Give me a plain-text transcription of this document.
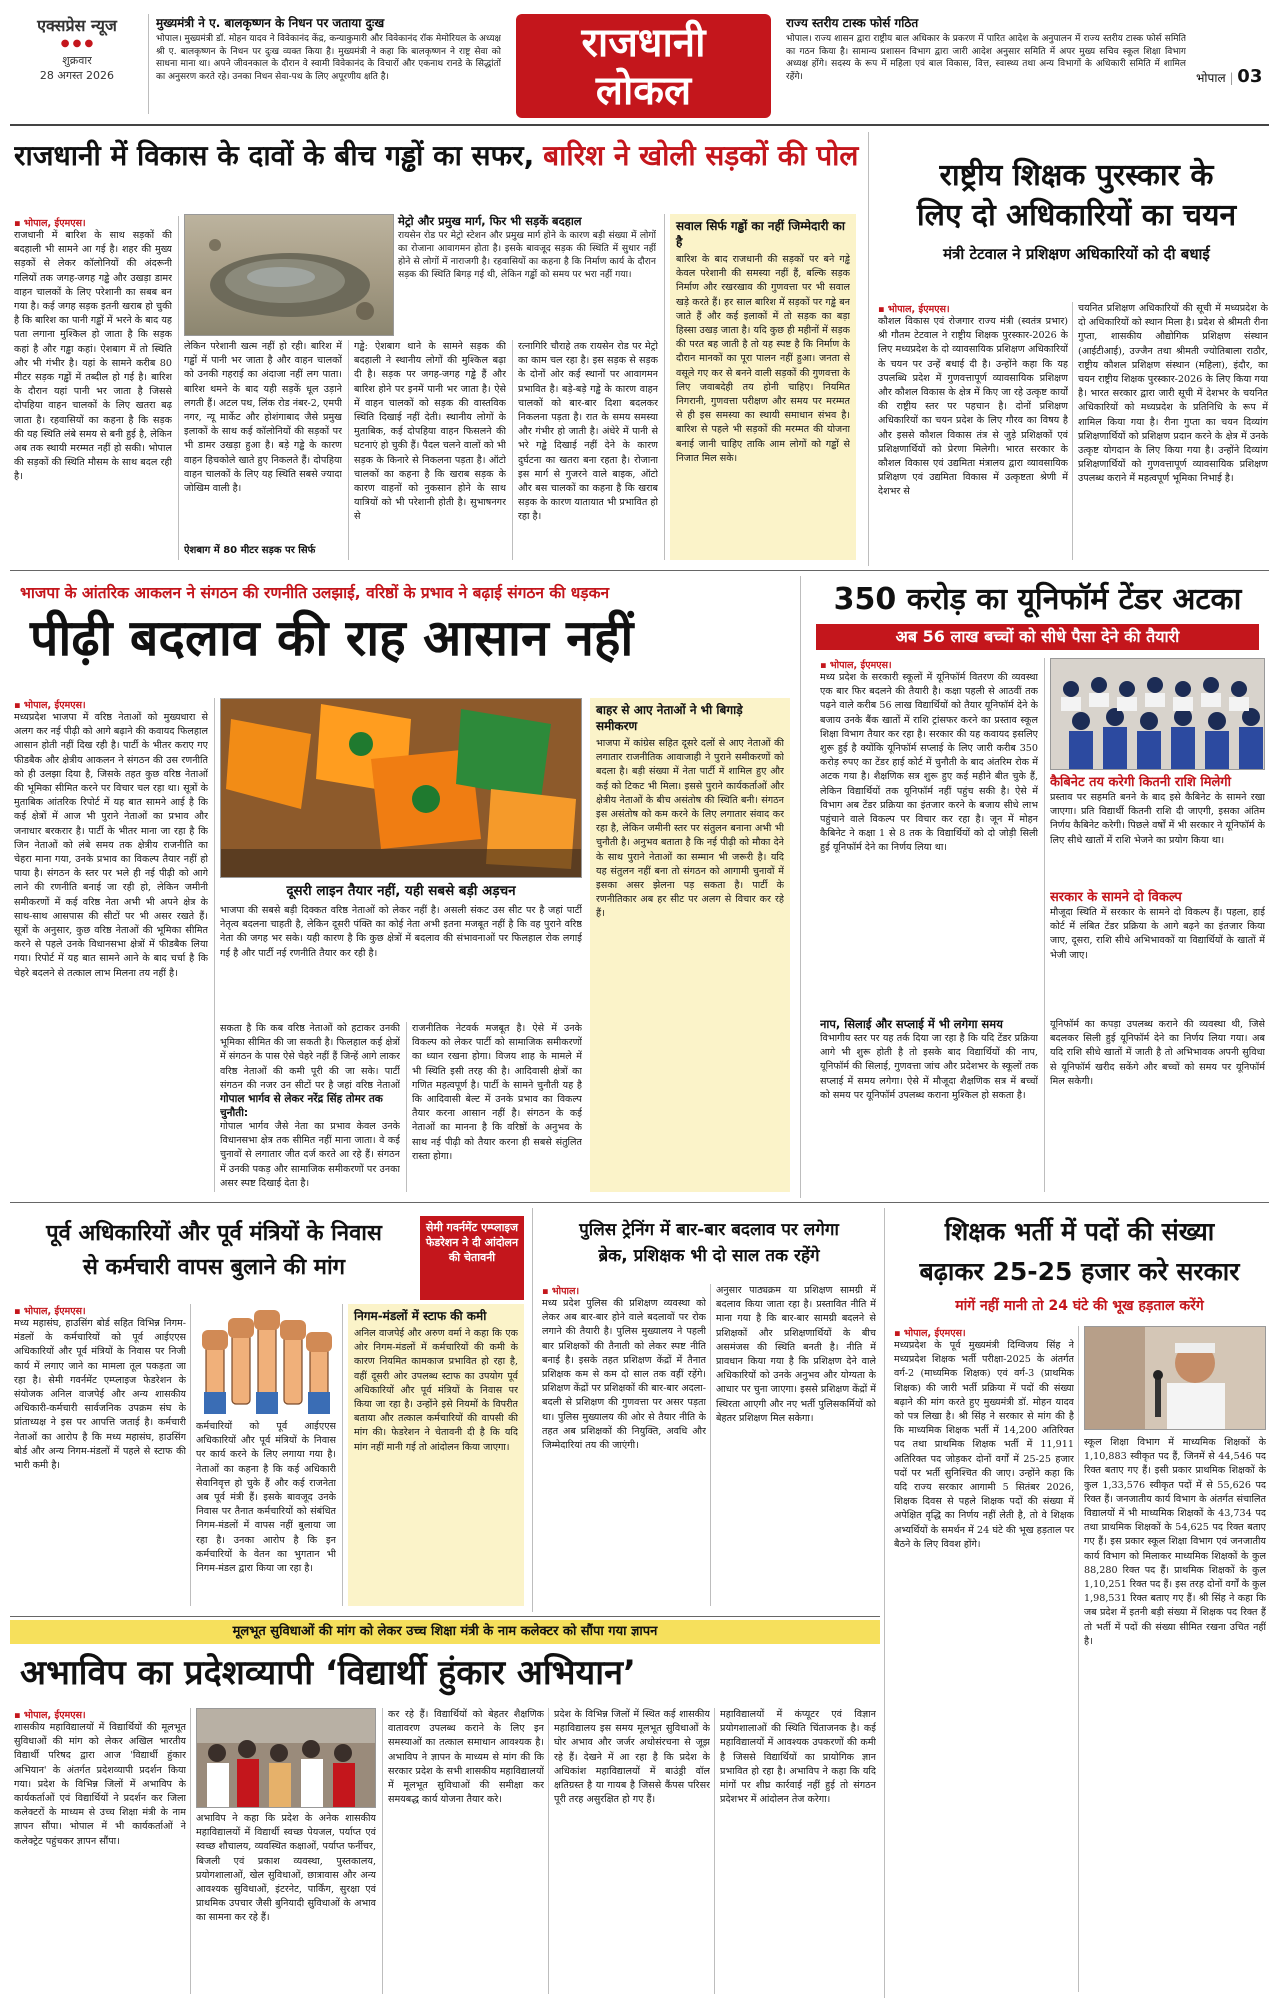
एक्सप्रेस न्यूज
● ● ●
शुक्रवार
28 अगस्त 2026
मुख्यमंत्री ने ए. बालकृष्णन के निधन पर जताया दुःख
भोपाल। मुख्यमंत्री डॉ. मोहन यादव ने विवेकानंद केंद्र, कन्याकुमारी और विवेकानंद रॉक मेमोरियल के अध्यक्ष श्री ए. बालकृष्णन के निधन पर दुःख व्यक्त किया है। मुख्यमंत्री ने कहा कि बालकृष्णन ने राष्ट्र सेवा को साधना माना था। अपने जीवनकाल के दौरान वे स्वामी विवेकानंद के विचारों और एकनाथ रानडे के सिद्धांतों का अनुसरण करते रहे। उनका निधन सेवा-पथ के लिए अपूरणीय क्षति है।
राजधानी
लोकल
राज्य स्तरीय टास्क फोर्स गठित
भोपाल। राज्य शासन द्वारा राष्ट्रीय बाल अधिकार के प्रकरण में पारित आदेश के अनुपालन में राज्य स्तरीय टास्क फोर्स समिति का गठन किया है। सामान्य प्रशासन विभाग द्वारा जारी आदेश अनुसार समिति में अपर मुख्य सचिव स्कूल शिक्षा विभाग अध्यक्ष होंगे। सदस्य के रूप में महिला एवं बाल विकास, वित्त, स्वास्थ्य तथा अन्य विभागों के अधिकारी समिति में शामिल रहेंगे।	भोपाल | 03
राजधानी में विकास के दावों के बीच गड्ढों का सफर, बारिश ने खोली सड़कों की पोल
▪ भोपाल, ईएमएस।
राजधानी में बारिश के साथ सड़कों की बदहाली भी सामने आ गई है। शहर की मुख्य सड़कों से लेकर कॉलोनियों की अंदरूनी गलियों तक जगह-जगह गड्ढे और उखड़ा डामर वाहन चालकों के लिए परेशानी का सबब बन गया है। कई जगह सड़क इतनी खराब हो चुकी है कि बारिश का पानी गड्ढों में भरने के बाद यह पता लगाना मुश्किल हो जाता है कि सड़क कहां है और गड्ढा कहां। ऐशबाग में तो स्थिति और भी गंभीर है। यहां के सामने करीब 80 मीटर सड़क गड्ढों में तब्दील हो गई है। बारिश के दौरान यहां पानी भर जाता है जिससे दोपहिया वाहन चालकों के लिए खतरा बढ़ जाता है। रहवासियों का कहना है कि सड़क की यह स्थिति लंबे समय से बनी हुई है, लेकिन अब तक स्थायी मरम्मत नहीं हो सकी। भोपाल की सड़कों की स्थिति मौसम के साथ बदल रही है।
लेकिन परेशानी खत्म नहीं हो रही। बारिश में गड्ढों में पानी भर जाता है और वाहन चालकों को उनकी गहराई का अंदाजा नहीं लग पाता। बारिश थमने के बाद यही सड़कें धूल उड़ाने लगती हैं। अटल पथ, लिंक रोड नंबर-2, एमपी नगर, न्यू मार्केट और होशंगाबाद जैसे प्रमुख इलाकों के साथ कई कॉलोनियों की सड़कों पर भी डामर उखड़ा हुआ है। बड़े गड्ढे के कारण वाहन हिचकोले खाते हुए निकलते हैं। दोपहिया वाहन चालकों के लिए यह स्थिति सबसे ज्यादा जोखिम वाली है।
ऐशबाग में 80 मीटर सड़क पर सिर्फ
मेट्रो और प्रमुख मार्ग, फिर भी सड़कें बदहाल
रायसेन रोड पर मेट्रो स्टेशन और प्रमुख मार्ग होने के कारण बड़ी संख्या में लोगों का रोजाना आवागमन होता है। इसके बावजूद सड़क की स्थिति में सुधार नहीं होने से लोगों में नाराजगी है। रहवासियों का कहना है कि निर्माण कार्य के दौरान सड़क की स्थिति बिगड़ गई थी, लेकिन गड्ढों को समय पर भरा नहीं गया।
गड्ढे: ऐशबाग थाने के सामने सड़क की बदहाली ने स्थानीय लोगों की मुश्किल बढ़ा दी है। सड़क पर जगह-जगह गड्ढे हैं और बारिश होने पर इनमें पानी भर जाता है। ऐसे में वाहन चालकों को सड़क की वास्तविक स्थिति दिखाई नहीं देती। स्थानीय लोगों के मुताबिक, कई दोपहिया वाहन फिसलने की घटनाएं हो चुकी हैं। पैदल चलने वालों को भी सड़क के किनारे से निकलना पड़ता है। ऑटो चालकों का कहना है कि खराब सड़क के कारण वाहनों को नुकसान होने के साथ यात्रियों को भी परेशानी होती है। सुभाषनगर से
रत्नागिरि चौराहे तक रायसेन रोड पर मेट्रो का काम चल रहा है। इस सड़क से सड़क के दोनों ओर कई स्थानों पर आवागमन प्रभावित है। बड़े-बड़े गड्ढे के कारण वाहन चालकों को बार-बार दिशा बदलकर निकलना पड़ता है। रात के समय समस्या और गंभीर हो जाती है। अंधेरे में पानी से भरे गड्ढे दिखाई नहीं देने के कारण दुर्घटना का खतरा बना रहता है। रोजाना इस मार्ग से गुजरने वाले बाइक, ऑटो और बस चालकों का कहना है कि खराब सड़क के कारण यातायात भी प्रभावित हो रहा है।
सवाल सिर्फ गड्ढों का नहीं जिम्मेदारी का है
बारिश के बाद राजधानी की सड़कों पर बने गड्ढे केवल परेशानी की समस्या नहीं हैं, बल्कि सड़क निर्माण और रखरखाव की गुणवत्ता पर भी सवाल खड़े करते हैं। हर साल बारिश में सड़कों पर गड्ढे बन जाते हैं और कई इलाकों में तो सड़क का बड़ा हिस्सा उखड़ जाता है। यदि कुछ ही महीनों में सड़क की परत बह जाती है तो यह स्पष्ट है कि निर्माण के दौरान मानकों का पूरा पालन नहीं हुआ। जनता से वसूले गए कर से बनने वाली सड़कों की गुणवत्ता के लिए जवाबदेही तय होनी चाहिए। नियमित निगरानी, गुणवत्ता परीक्षण और समय पर मरम्मत से ही इस समस्या का स्थायी समाधान संभव है। बारिश से पहले भी सड़कों की मरम्मत की योजना बनाई जानी चाहिए ताकि आम लोगों को गड्ढों से निजात मिल सके।
राष्ट्रीय शिक्षक पुरस्कार के
लिए दो अधिकारियों का चयन
मंत्री टेटवाल ने प्रशिक्षण अधिकारियों को दी बधाई
▪ भोपाल, ईएमएस।
कौशल विकास एवं रोजगार राज्य मंत्री (स्वतंत्र प्रभार) श्री गौतम टेटवाल ने राष्ट्रीय शिक्षक पुरस्कार-2026 के लिए मध्यप्रदेश के दो व्यावसायिक प्रशिक्षण अधिकारियों के चयन पर उन्हें बधाई दी है। उन्होंने कहा कि यह उपलब्धि प्रदेश में गुणवत्तापूर्ण व्यावसायिक प्रशिक्षण और कौशल विकास के क्षेत्र में किए जा रहे उत्कृष्ट कार्यों की राष्ट्रीय स्तर पर पहचान है। दोनों प्रशिक्षण अधिकारियों का चयन प्रदेश के लिए गौरव का विषय है और इससे कौशल विकास तंत्र से जुड़े प्रशिक्षकों एवं प्रशिक्षणार्थियों को प्रेरणा मिलेगी। भारत सरकार के कौशल विकास एवं उद्यमिता मंत्रालय द्वारा व्यावसायिक प्रशिक्षण एवं उद्यमिता विकास में उत्कृष्टता श्रेणी में देशभर से
चयनित प्रशिक्षण अधिकारियों की सूची में मध्यप्रदेश के दो अधिकारियों को स्थान मिला है। प्रदेश से श्रीमती रीना गुप्ता, शासकीय औद्योगिक प्रशिक्षण संस्थान (आईटीआई), उज्जैन तथा श्रीमती ज्योतिबाला राठौर, राष्ट्रीय कौशल प्रशिक्षण संस्थान (महिला), इंदौर, का चयन राष्ट्रीय शिक्षक पुरस्कार-2026 के लिए किया गया है। भारत सरकार द्वारा जारी सूची में देशभर के चयनित अधिकारियों को मध्यप्रदेश के प्रतिनिधि के रूप में शामिल किया गया है। रीना गुप्ता का चयन दिव्यांग प्रशिक्षणार्थियों को प्रशिक्षण प्रदान करने के क्षेत्र में उनके उत्कृष्ट योगदान के लिए किया गया है। उन्होंने दिव्यांग प्रशिक्षणार्थियों को गुणवत्तापूर्ण व्यावसायिक प्रशिक्षण उपलब्ध कराने में महत्वपूर्ण भूमिका निभाई है।
भाजपा के आंतरिक आकलन ने संगठन की रणनीति उलझाई, वरिष्ठों के प्रभाव ने बढ़ाई संगठन की धड़कन
पीढ़ी बदलाव की राह आसान नहीं
▪ भोपाल, ईएमएस।
मध्यप्रदेश भाजपा में वरिष्ठ नेताओं को मुख्यधारा से अलग कर नई पीढ़ी को आगे बढ़ाने की कवायद फिलहाल आसान होती नहीं दिख रही है। पार्टी के भीतर कराए गए फीडबैक और क्षेत्रीय आकलन ने संगठन की उस रणनीति को ही उलझा दिया है, जिसके तहत कुछ वरिष्ठ नेताओं की भूमिका सीमित करने पर विचार चल रहा था। सूत्रों के मुताबिक आंतरिक रिपोर्ट में यह बात सामने आई है कि कई क्षेत्रों में आज भी पुराने नेताओं का प्रभाव और जनाधार बरकरार है। पार्टी के भीतर माना जा रहा है कि जिन नेताओं को लंबे समय तक क्षेत्रीय राजनीति का चेहरा माना गया, उनके प्रभाव का विकल्प तैयार नहीं हो पाया है। संगठन के स्तर पर भले ही नई पीढ़ी को आगे लाने की रणनीति बनाई जा रही हो, लेकिन जमीनी समीकरणों में कई वरिष्ठ नेता अभी भी अपने क्षेत्र के साथ-साथ आसपास की सीटों पर भी असर रखते हैं। सूत्रों के अनुसार, कुछ वरिष्ठ नेताओं की भूमिका सीमित करने से पहले उनके विधानसभा क्षेत्रों में फीडबैक लिया गया। रिपोर्ट में यह बात सामने आने के बाद चर्चा है कि चेहरे बदलने से तत्काल लाभ मिलना तय नहीं है।
दूसरी लाइन तैयार नहीं, यही सबसे बड़ी अड़चन
भाजपा की सबसे बड़ी दिक्कत वरिष्ठ नेताओं को लेकर नहीं है। असली संकट उस सीट पर है जहां पार्टी नेतृत्व बदलना चाहती है, लेकिन दूसरी पंक्ति का कोई नेता अभी इतना मजबूत नहीं है कि वह पुराने वरिष्ठ नेता की जगह भर सके। यही कारण है कि कुछ क्षेत्रों में बदलाव की संभावनाओं पर फिलहाल रोक लगाई गई है और पार्टी नई रणनीति तैयार कर रही है।
सकता है कि कब वरिष्ठ नेताओं को हटाकर उनकी भूमिका सीमित की जा सकती है। फिलहाल कई क्षेत्रों में संगठन के पास ऐसे चेहरे नहीं हैं जिन्हें आगे लाकर वरिष्ठ नेताओं की कमी पूरी की जा सके। पार्टी संगठन की नजर उन सीटों पर है जहां वरिष्ठ नेताओं
गोपाल भार्गव से लेकर नरेंद्र सिंह तोमर तक चुनौती:
गोपाल भार्गव जैसे नेता का प्रभाव केवल उनके विधानसभा क्षेत्र तक सीमित नहीं माना जाता। वे कई चुनावों से लगातार जीत दर्ज करते आ रहे हैं। संगठन में उनकी पकड़ और सामाजिक समीकरणों पर उनका असर स्पष्ट दिखाई देता है।
राजनीतिक नेटवर्क मजबूत है। ऐसे में उनके विकल्प को लेकर पार्टी को सामाजिक समीकरणों का ध्यान रखना होगा। विजय शाह के मामले में भी स्थिति इसी तरह की है। आदिवासी क्षेत्रों का गणित महत्वपूर्ण है। पार्टी के सामने चुनौती यह है कि आदिवासी बेल्ट में उनके प्रभाव का विकल्प तैयार करना आसान नहीं है। संगठन के कई नेताओं का मानना है कि वरिष्ठों के अनुभव के साथ नई पीढ़ी को तैयार करना ही सबसे संतुलित रास्ता होगा।
बाहर से आए नेताओं ने भी बिगाड़े समीकरण
भाजपा में कांग्रेस सहित दूसरे दलों से आए नेताओं की लगातार राजनीतिक आवाजाही ने पुराने समीकरणों को बदला है। बड़ी संख्या में नेता पार्टी में शामिल हुए और कई को टिकट भी मिला। इससे पुराने कार्यकर्ताओं और क्षेत्रीय नेताओं के बीच असंतोष की स्थिति बनी। संगठन इस असंतोष को कम करने के लिए लगातार संवाद कर रहा है, लेकिन जमीनी स्तर पर संतुलन बनाना अभी भी चुनौती है। अनुभव बताता है कि नई पीढ़ी को मौका देने के साथ पुराने नेताओं का सम्मान भी जरूरी है। यदि यह संतुलन नहीं बना तो संगठन को आगामी चुनावों में इसका असर झेलना पड़ सकता है। पार्टी के रणनीतिकार अब हर सीट पर अलग से विचार कर रहे हैं।
350 करोड़ का यूनिफॉर्म टेंडर अटका
अब 56 लाख बच्चों को सीधे पैसा देने की तैयारी
▪ भोपाल, ईएमएस।
मध्य प्रदेश के सरकारी स्कूलों में यूनिफॉर्म वितरण की व्यवस्था एक बार फिर बदलने की तैयारी है। कक्षा पहली से आठवीं तक पढ़ने वाले करीब 56 लाख विद्यार्थियों को तैयार यूनिफॉर्म देने के बजाय उनके बैंक खातों में राशि ट्रांसफर करने का प्रस्ताव स्कूल शिक्षा विभाग तैयार कर रहा है। सरकार की यह कवायद इसलिए शुरू हुई है क्योंकि यूनिफॉर्म सप्लाई के लिए जारी करीब 350 करोड़ रुपए का टेंडर हाई कोर्ट में चुनौती के बाद अंतरिम रोक में अटक गया है। शैक्षणिक सत्र शुरू हुए कई महीने बीत चुके हैं, लेकिन विद्यार्थियों तक यूनिफॉर्म नहीं पहुंच सकी है। ऐसे में विभाग अब टेंडर प्रक्रिया का इंतजार करने के बजाय सीधे लाभ पहुंचाने वाले विकल्प पर विचार कर रहा है। जून में मोहन कैबिनेट ने कक्षा 1 से 8 तक के विद्यार्थियों को दो जोड़ी सिली हुई यूनिफॉर्म देने का निर्णय लिया था।
नाप, सिलाई और सप्लाई में भी लगेगा समय
विभागीय स्तर पर यह तर्क दिया जा रहा है कि यदि टेंडर प्रक्रिया आगे भी शुरू होती है तो इसके बाद विद्यार्थियों की नाप, यूनिफॉर्म की सिलाई, गुणवत्ता जांच और प्रदेशभर के स्कूलों तक सप्लाई में समय लगेगा। ऐसे में मौजूदा शैक्षणिक सत्र में बच्चों को समय पर यूनिफॉर्म उपलब्ध कराना मुश्किल हो सकता है।
कैबिनेट तय करेगी कितनी राशि मिलेगी
प्रस्ताव पर सहमति बनने के बाद इसे कैबिनेट के सामने रखा जाएगा। प्रति विद्यार्थी कितनी राशि दी जाएगी, इसका अंतिम निर्णय कैबिनेट करेगी। पिछले वर्षों में भी सरकार ने यूनिफॉर्म के लिए सीधे खातों में राशि भेजने का प्रयोग किया था।
सरकार के सामने दो विकल्प
मौजूदा स्थिति में सरकार के सामने दो विकल्प हैं। पहला, हाई कोर्ट में लंबित टेंडर प्रक्रिया के आगे बढ़ने का इंतजार किया जाए, दूसरा, राशि सीधे अभिभावकों या विद्यार्थियों के खातों में भेजी जाए।
यूनिफॉर्म का कपड़ा उपलब्ध कराने की व्यवस्था थी, जिसे बदलकर सिली हुई यूनिफॉर्म देने का निर्णय लिया गया। अब यदि राशि सीधे खातों में जाती है तो अभिभावक अपनी सुविधा से यूनिफॉर्म खरीद सकेंगे और बच्चों को समय पर यूनिफॉर्म मिल सकेगी।
पूर्व अधिकारियों और पूर्व मंत्रियों के निवास
से कर्मचारी वापस बुलाने की मांग
सेमी गवर्नमेंट एम्प्लाइज फेडरेशन ने दी आंदोलन की चेतावनी
▪ भोपाल, ईएमएस।
मध्य महासंघ, हाउसिंग बोर्ड सहित विभिन्न निगम-मंडलों के कर्मचारियों को पूर्व आईएएस अधिकारियों और पूर्व मंत्रियों के निवास पर निजी कार्य में लगाए जाने का मामला तूल पकड़ता जा रहा है। सेमी गवर्नमेंट एम्प्लाइज फेडरेशन के संयोजक अनिल वाजपेई और अन्य शासकीय अधिकारी-कर्मचारी सार्वजनिक उपक्रम संघ के प्रांताध्यक्ष ने इस पर आपत्ति जताई है। कर्मचारी नेताओं का आरोप है कि मध्य महासंघ, हाउसिंग बोर्ड और अन्य निगम-मंडलों में पहले से स्टाफ की भारी कमी है।
कर्मचारियों को पूर्व आईएएस अधिकारियों और पूर्व मंत्रियों के निवास पर कार्य करने के लिए लगाया गया है। नेताओं का कहना है कि कई अधिकारी सेवानिवृत्त हो चुके हैं और कई राजनेता अब पूर्व मंत्री हैं। इसके बावजूद उनके निवास पर तैनात कर्मचारियों को संबंधित निगम-मंडलों में वापस नहीं बुलाया जा रहा है। उनका आरोप है कि इन कर्मचारियों के वेतन का भुगतान भी निगम-मंडल द्वारा किया जा रहा है।
निगम-मंडलों में स्टाफ की कमी
अनिल वाजपेई और अरुण वर्मा ने कहा कि एक ओर निगम-मंडलों में कर्मचारियों की कमी के कारण नियमित कामकाज प्रभावित हो रहा है, वहीं दूसरी ओर उपलब्ध स्टाफ का उपयोग पूर्व अधिकारियों और पूर्व मंत्रियों के निवास पर किया जा रहा है। उन्होंने इसे नियमों के विपरीत बताया और तत्काल कर्मचारियों की वापसी की मांग की। फेडरेशन ने चेतावनी दी है कि यदि मांग नहीं मानी गई तो आंदोलन किया जाएगा।
पुलिस ट्रेनिंग में बार-बार बदलाव पर लगेगा
ब्रेक, प्रशिक्षक भी दो साल तक रहेंगे
▪ भोपाल।
मध्य प्रदेश पुलिस की प्रशिक्षण व्यवस्था को लेकर अब बार-बार होने वाले बदलावों पर रोक लगाने की तैयारी है। पुलिस मुख्यालय ने पहली बार प्रशिक्षकों की तैनाती को लेकर स्पष्ट नीति बनाई है। इसके तहत प्रशिक्षण केंद्रों में तैनात प्रशिक्षक कम से कम दो साल तक वहीं रहेंगे। प्रशिक्षण केंद्रों पर प्रशिक्षकों की बार-बार अदला-बदली से प्रशिक्षण की गुणवत्ता पर असर पड़ता था। पुलिस मुख्यालय की ओर से तैयार नीति के तहत अब प्रशिक्षकों की नियुक्ति, अवधि और जिम्मेदारियां तय की जाएंगी।
अनुसार पाठ्यक्रम या प्रशिक्षण सामग्री में बदलाव किया जाता रहा है। प्रस्तावित नीति में माना गया है कि बार-बार सामग्री बदलने से प्रशिक्षकों और प्रशिक्षणार्थियों के बीच असमंजस की स्थिति बनती है। नीति में प्रावधान किया गया है कि प्रशिक्षण देने वाले अधिकारियों को उनके अनुभव और योग्यता के आधार पर चुना जाएगा। इससे प्रशिक्षण केंद्रों में स्थिरता आएगी और नए भर्ती पुलिसकर्मियों को बेहतर प्रशिक्षण मिल सकेगा।
शिक्षक भर्ती में पदों की संख्या
बढ़ाकर 25-25 हजार करे सरकार
मांगें नहीं मानी तो 24 घंटे की भूख हड़ताल करेंगे
▪ भोपाल, ईएमएस।
मध्यप्रदेश के पूर्व मुख्यमंत्री दिग्विजय सिंह ने मध्यप्रदेश शिक्षक भर्ती परीक्षा-2025 के अंतर्गत वर्ग-2 (माध्यमिक शिक्षक) एवं वर्ग-3 (प्राथमिक शिक्षक) की जारी भर्ती प्रक्रिया में पदों की संख्या बढ़ाने की मांग करते हुए मुख्यमंत्री डॉ. मोहन यादव को पत्र लिखा है। श्री सिंह ने सरकार से मांग की है कि माध्यमिक शिक्षक भर्ती में 14,200 अतिरिक्त पद तथा प्राथमिक शिक्षक भर्ती में 11,911 अतिरिक्त पद जोड़कर दोनों वर्गों में 25-25 हजार पदों पर भर्ती सुनिश्चित की जाए। उन्होंने कहा कि यदि राज्य सरकार आगामी 5 सितंबर 2026, शिक्षक दिवस से पहले शिक्षक पदों की संख्या में अपेक्षित वृद्धि का निर्णय नहीं लेती है, तो वे शिक्षक अभ्यर्थियों के समर्थन में 24 घंटे की भूख हड़ताल पर बैठने के लिए विवश होंगे।
स्कूल शिक्षा विभाग में माध्यमिक शिक्षकों के 1,10,883 स्वीकृत पद हैं, जिनमें से 44,546 पद रिक्त बताए गए हैं। इसी प्रकार प्राथमिक शिक्षकों के कुल 1,33,576 स्वीकृत पदों में से 55,626 पद रिक्त हैं। जनजातीय कार्य विभाग के अंतर्गत संचालित विद्यालयों में भी माध्यमिक शिक्षकों के 43,734 पद तथा प्राथमिक शिक्षकों के 54,625 पद रिक्त बताए गए हैं। इस प्रकार स्कूल शिक्षा विभाग एवं जनजातीय कार्य विभाग को मिलाकर माध्यमिक शिक्षकों के कुल 88,280 रिक्त पद हैं। प्राथमिक शिक्षकों के कुल 1,10,251 रिक्त पद हैं। इस तरह दोनों वर्गों के कुल 1,98,531 रिक्त बताए गए हैं। श्री सिंह ने कहा कि जब प्रदेश में इतनी बड़ी संख्या में शिक्षक पद रिक्त हैं तो भर्ती में पदों की संख्या सीमित रखना उचित नहीं है।
मूलभूत सुविधाओं की मांग को लेकर उच्च शिक्षा मंत्री के नाम कलेक्टर को सौंपा गया ज्ञापन
अभाविप का प्रदेशव्यापी ‘विद्यार्थी हुंकार अभियान’
▪ भोपाल, ईएमएस।
शासकीय महाविद्यालयों में विद्यार्थियों की मूलभूत सुविधाओं की मांग को लेकर अखिल भारतीय विद्यार्थी परिषद द्वारा आज 'विद्यार्थी हुंकार अभियान' के अंतर्गत प्रदेशव्यापी प्रदर्शन किया गया। प्रदेश के विभिन्न जिलों में अभाविप के कार्यकर्ताओं एवं विद्यार्थियों ने प्रदर्शन कर जिला कलेक्टरों के माध्यम से उच्च शिक्षा मंत्री के नाम ज्ञापन सौंपा। भोपाल में भी कार्यकर्ताओं ने कलेक्ट्रेट पहुंचकर ज्ञापन सौंपा।
अभाविप ने कहा कि प्रदेश के अनेक शासकीय महाविद्यालयों में विद्यार्थी स्वच्छ पेयजल, पर्याप्त एवं स्वच्छ शौचालय, व्यवस्थित कक्षाओं, पर्याप्त फर्नीचर, बिजली एवं प्रकाश व्यवस्था, पुस्तकालय, प्रयोगशालाओं, खेल सुविधाओं, छात्रावास और अन्य आवश्यक सुविधाओं, इंटरनेट, पार्किंग, सुरक्षा एवं प्राथमिक उपचार जैसी बुनियादी सुविधाओं के अभाव का सामना कर रहे हैं।
कर रहे हैं। विद्यार्थियों को बेहतर शैक्षणिक वातावरण उपलब्ध कराने के लिए इन समस्याओं का तत्काल समाधान आवश्यक है। अभाविप ने ज्ञापन के माध्यम से मांग की कि सरकार प्रदेश के सभी शासकीय महाविद्यालयों में मूलभूत सुविधाओं की समीक्षा कर समयबद्ध कार्य योजना तैयार करे।
प्रदेश के विभिन्न जिलों में स्थित कई शासकीय महाविद्यालय इस समय मूलभूत सुविधाओं के घोर अभाव और जर्जर अधोसंरचना से जूझ रहे हैं। देखने में आ रहा है कि प्रदेश के अधिकांश महाविद्यालयों में बाउंड्री वॉल क्षतिग्रस्त है या गायब है जिससे कैंपस परिसर पूरी तरह असुरक्षित हो गए हैं।
महाविद्यालयों में कंप्यूटर एवं विज्ञान प्रयोगशालाओं की स्थिति चिंताजनक है। कई महाविद्यालयों में आवश्यक उपकरणों की कमी है जिससे विद्यार्थियों का प्रायोगिक ज्ञान प्रभावित हो रहा है। अभाविप ने कहा कि यदि मांगों पर शीघ्र कार्रवाई नहीं हुई तो संगठन प्रदेशभर में आंदोलन तेज करेगा।
